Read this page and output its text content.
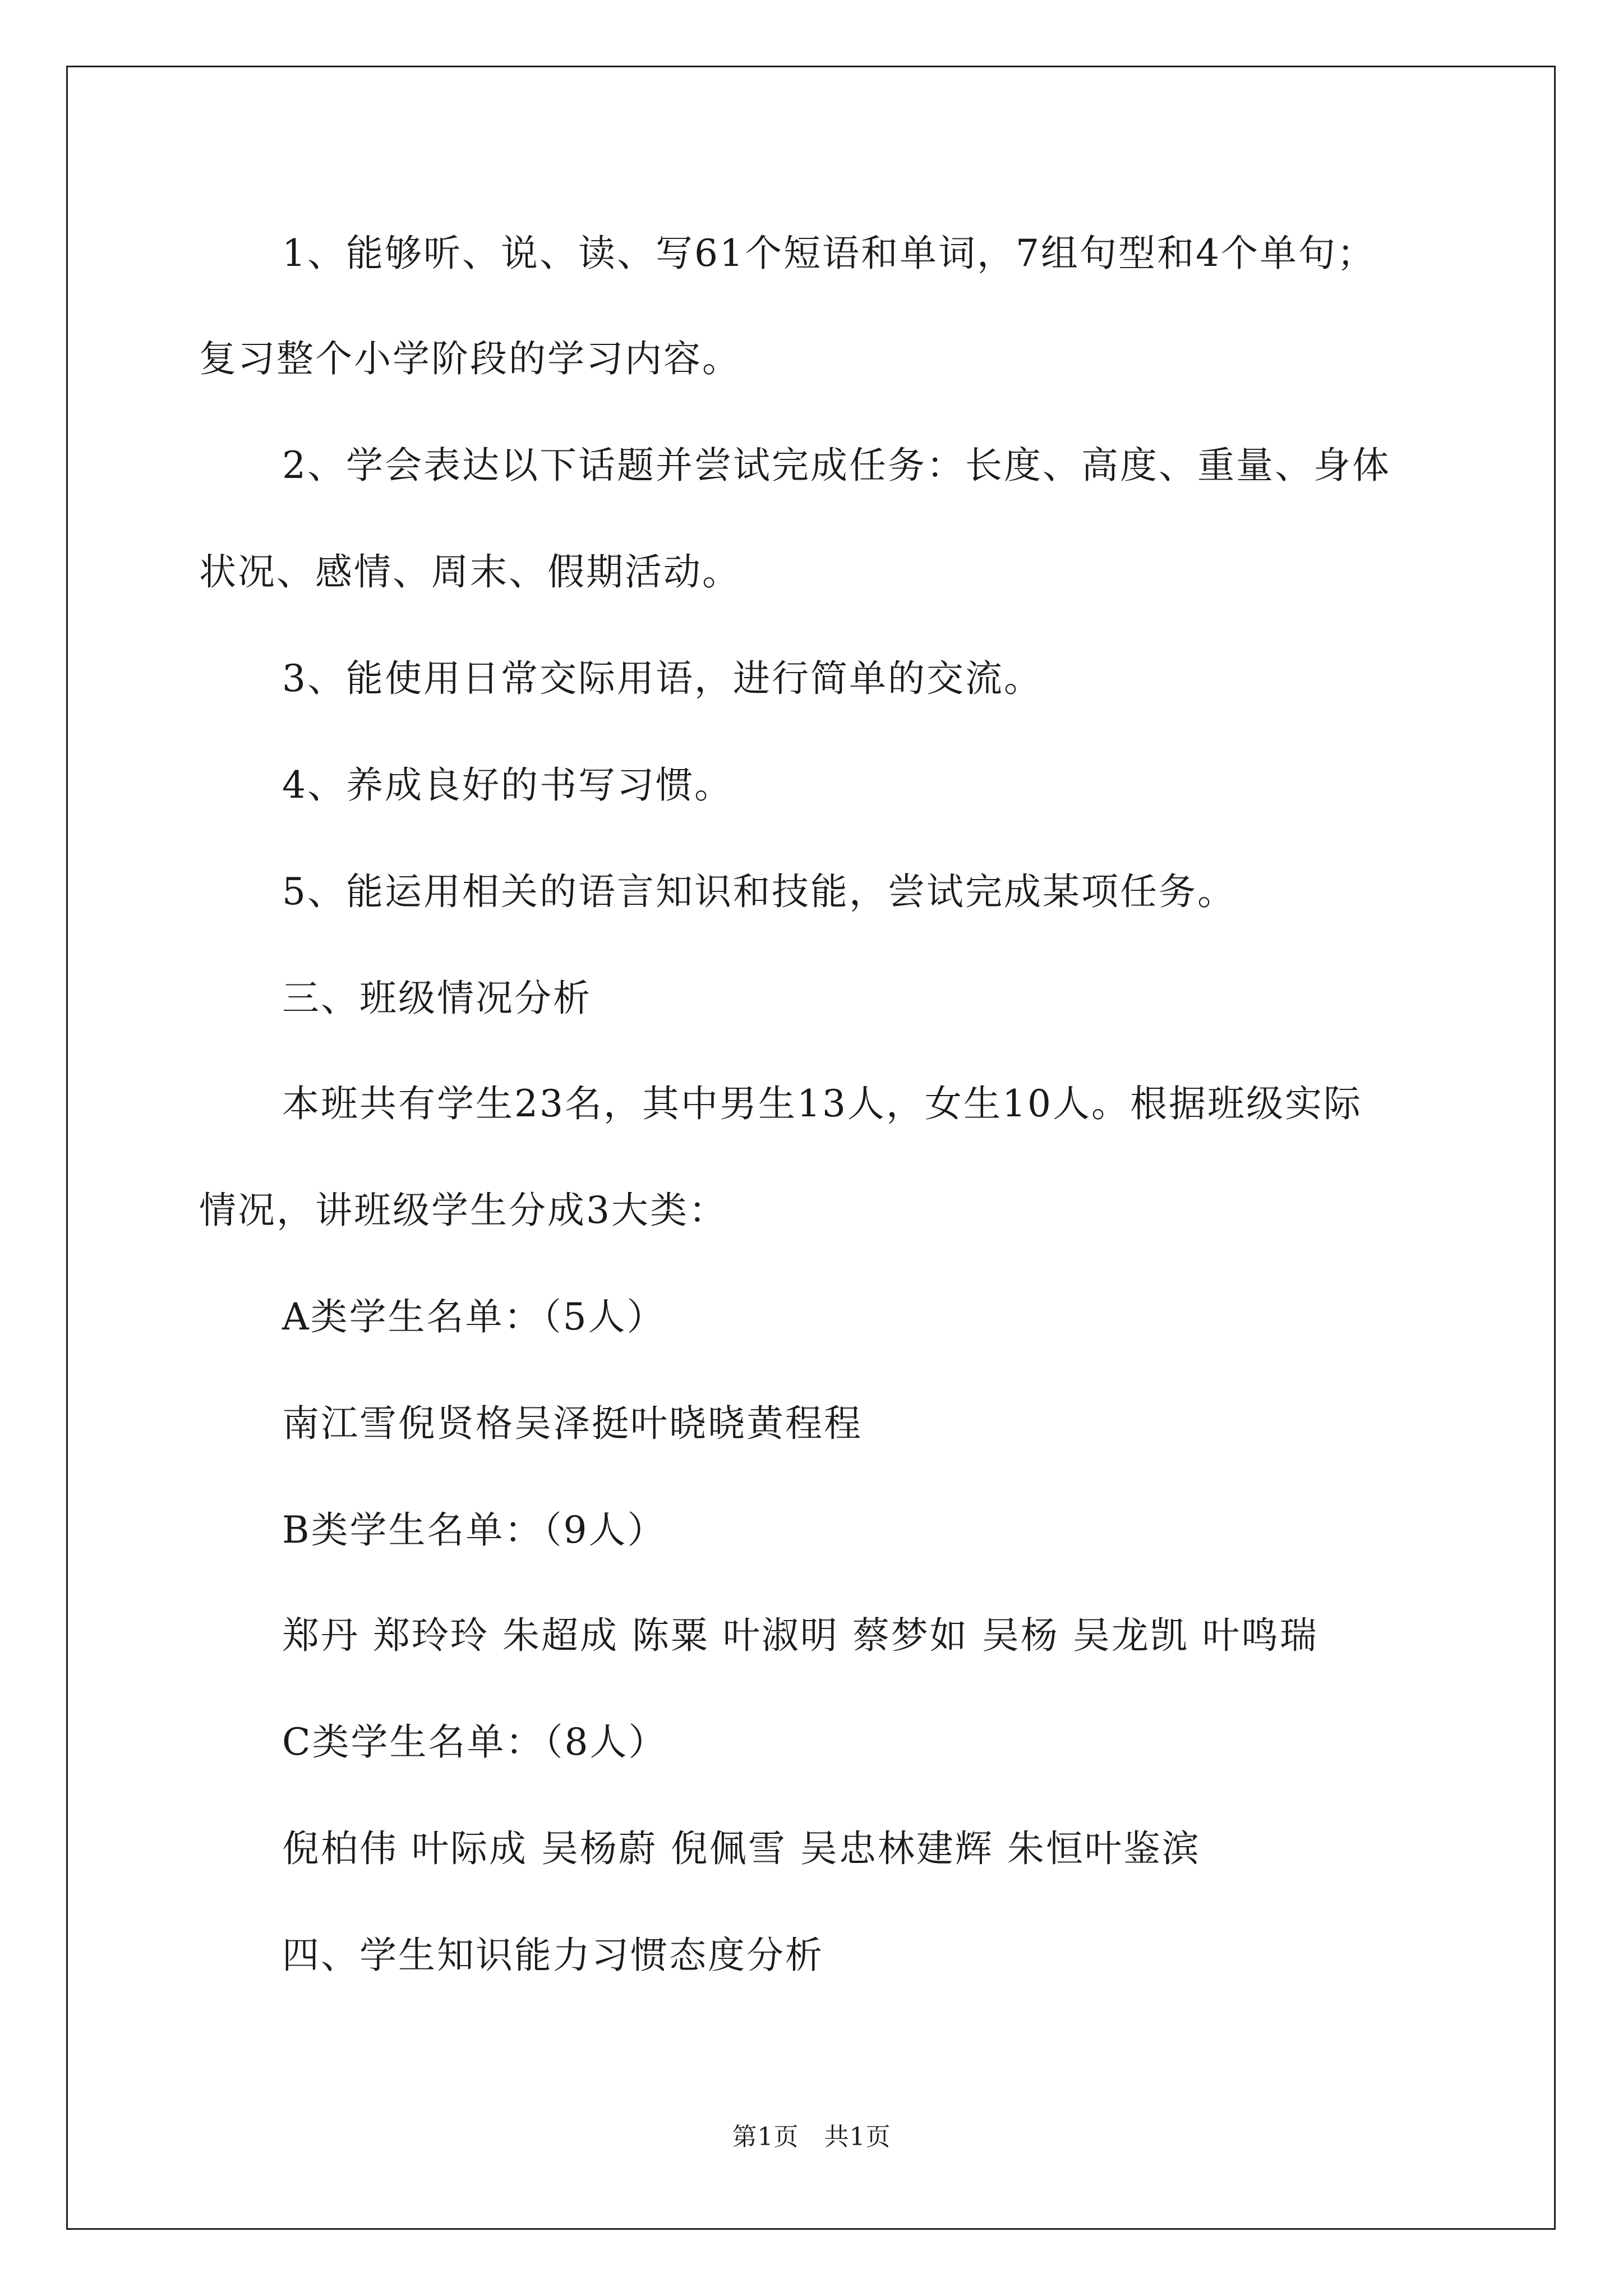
1、能够听、说、读、写61个短语和单词，7组句型和4个单句；
复习整个小学阶段的学习内容。
2、学会表达以下话题并尝试完成任务：长度、高度、重量、身体
状况、感情、周末、假期活动。
3、能使用日常交际用语，进行简单的交流。
4、养成良好的书写习惯。
5、能运用相关的语言知识和技能，尝试完成某项任务。
三、班级情况分析
本班共有学生23名，其中男生13人，女生10人。根据班级实际
情况，讲班级学生分成3大类：
A类学生名单：（5人）
南江雪倪贤格吴泽挺叶晓晓黄程程
B类学生名单：（9人）
郑丹 郑玲玲 朱超成 陈粟 叶淑明 蔡梦如 吴杨 吴龙凯 叶鸣瑞
C类学生名单：（8人）
倪柏伟 叶际成 吴杨蔚 倪佩雪 吴忠林建辉 朱恒叶鉴滨
四、学生知识能力习惯态度分析
第1页　共1页
